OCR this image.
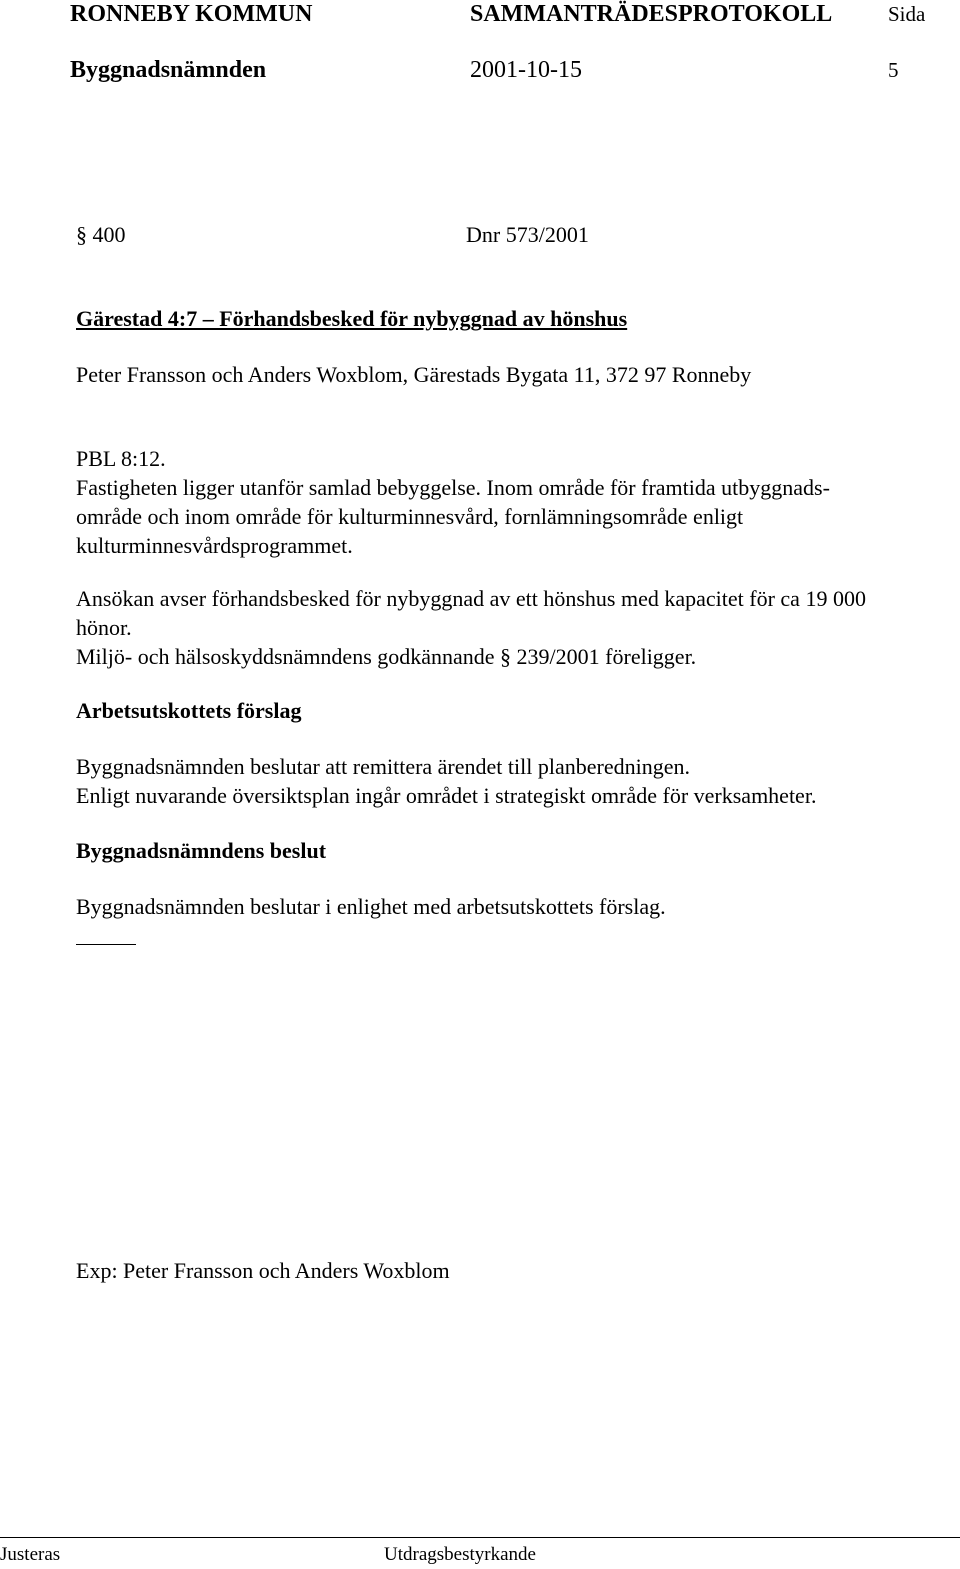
RONNEBY KOMMUN	SAMMANTRÄDESPROTOKOLL	Sida
Byggnadsnämnden	2001-10-15	5
§ 400	Dnr 573/2001
Gärestad 4:7 – Förhandsbesked för nybyggnad av hönshus
Peter Fransson och Anders Woxblom, Gärestads Bygata 11, 372 97 Ronneby

PBL 8:12.

Fastigheten ligger utanför samlad bebyggelse. Inom område för framtida utbyggnads-

område och inom område för kulturminnesvård, fornlämningsområde enligt

kulturminnesvårdsprogrammet.

Ansökan avser förhandsbesked för nybyggnad av ett hönshus med kapacitet för ca 19 000

hönor.

Miljö- och hälsoskyddsnämndens godkännande § 239/2001 föreligger.

Arbetsutskottets förslag

Byggnadsnämnden beslutar att remittera ärendet till planberedningen.

Enligt nuvarande översiktsplan ingår området i strategiskt område för verksamheter.

Byggnadsnämndens beslut
Byggnadsnämnden beslutar i enlighet med arbetsutskottets förslag.
Exp: Peter Fransson och Anders Woxblom
Justeras	Utdragsbestyrkande
